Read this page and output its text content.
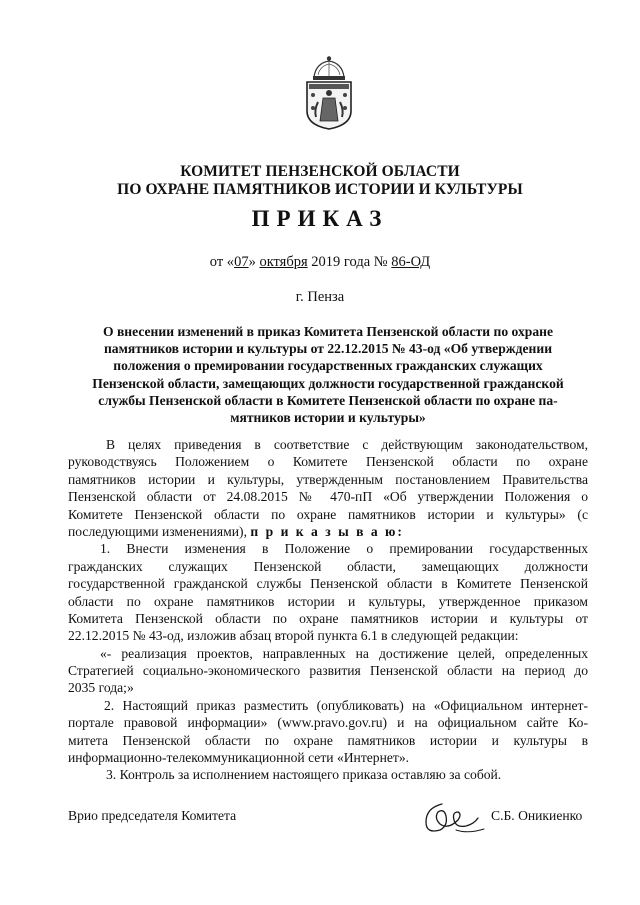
КОМИТЕТ ПЕНЗЕНСКОЙ ОБЛАСТИ
ПО ОХРАНЕ ПАМЯТНИКОВ ИСТОРИИ И КУЛЬТУРЫ
ПРИКАЗ
от «07» октября 2019 года № 86-ОД
г. Пенза
О внесении изменений в приказ Комитета Пензенской области по охране
памятников истории и культуры от 22.12.2015 № 43-од «Об утверждении
положения о премировании государственных гражданских служащих
Пензенской области, замещающих должности государственной гражданской
службы Пензенской области в Комитете Пензенской области по охране па-
мятников истории и культуры»
В целях приведения в соответствие с действующим законодательством,
руководствуясь Положением о Комитете Пензенской области по охране
памятников истории и культуры, утвержденным постановлением Правительства
Пензенской области от 24.08.2015 № 470-пП «Об утверждении Положения о
Комитете Пензенской области по охране памятников истории и культуры» (с
последующими изменениями), п р и к а з ы в а ю:
1. Внести изменения в Положение о премировании государственных
гражданских служащих Пензенской области, замещающих должности
государственной гражданской службы Пензенской области в Комитете Пензенской
области по охране памятников истории и культуры, утвержденное приказом
Комитета Пензенской области по охране памятников истории и культуры от
22.12.2015 № 43-од, изложив абзац второй пункта 6.1 в следующей редакции:
«- реализация проектов, направленных на достижение целей, определенных
Стратегией социально-экономического развития Пензенской области на период до
2035 года;»
2. Настоящий приказ разместить (опубликовать) на «Официальном интернет-
портале правовой информации» (www.pravo.gov.ru) и на официальном сайте Ко-
митета Пензенской области по охране памятников истории и культуры в
информационно-телекоммуникационной сети «Интернет».
3. Контроль за исполнением настоящего приказа оставляю за собой.
Врио председателя Комитета	С.Б. Оникиенко
